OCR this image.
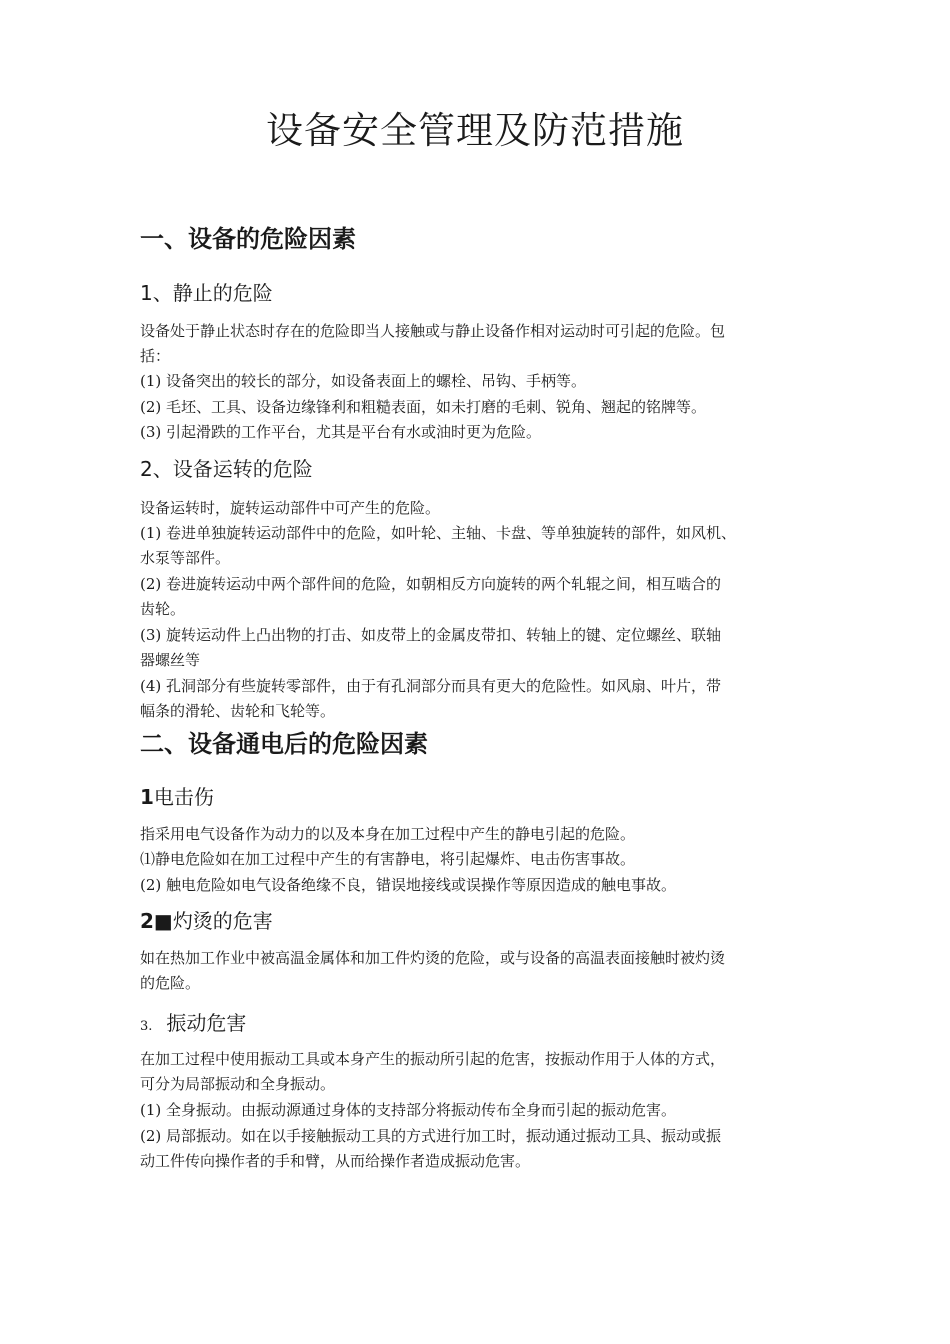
设备安全管理及防范措施
一、设备的危险因素
1、静止的危险

设备处于静止状态时存在的危险即当人接触或与静止设备作相对运动时可引起的危险。包

括：

(1) 设备突出的较长的部分，如设备表面上的螺栓、吊钩、手柄等。

(2) 毛坯、工具、设备边缘锋利和粗糙表面，如未打磨的毛刺、锐角、翘起的铭牌等。

(3) 引起滑跌的工作平台，尤其是平台有水或油时更为危险。

2、设备运转的危险

设备运转时，旋转运动部件中可产生的危险。

(1) 卷进单独旋转运动部件中的危险，如叶轮、主轴、卡盘、等单独旋转的部件，如风机、

水泵等部件。

(2) 卷进旋转运动中两个部件间的危险，如朝相反方向旋转的两个轧辊之间，相互啮合的

齿轮。

(3) 旋转运动件上凸出物的打击、如皮带上的金属皮带扣、转轴上的键、定位螺丝、联轴

器螺丝等

(4) 孔洞部分有些旋转零部件，由于有孔洞部分而具有更大的危险性。如风扇、叶片，带

幅条的滑轮、齿轮和飞轮等。

二、设备通电后的危险因素
1电击伤

指采用电气设备作为动力的以及本身在加工过程中产生的静电引起的危险。

⑴静电危险如在加工过程中产生的有害静电，将引起爆炸、电击伤害事故。

(2) 触电危险如电气设备绝缘不良，错误地接线或误操作等原因造成的触电事故。

2■灼烫的危害

如在热加工作业中被高温金属体和加工件灼烫的危险，或与设备的高温表面接触时被灼烫

的危险。

3. 振动危害

在加工过程中使用振动工具或本身产生的振动所引起的危害，按振动作用于人体的方式，

可分为局部振动和全身振动。

(1) 全身振动。由振动源通过身体的支持部分将振动传布全身而引起的振动危害。

(2) 局部振动。如在以手接触振动工具的方式进行加工时，振动通过振动工具、振动或振

动工件传向操作者的手和臂，从而给操作者造成振动危害。
